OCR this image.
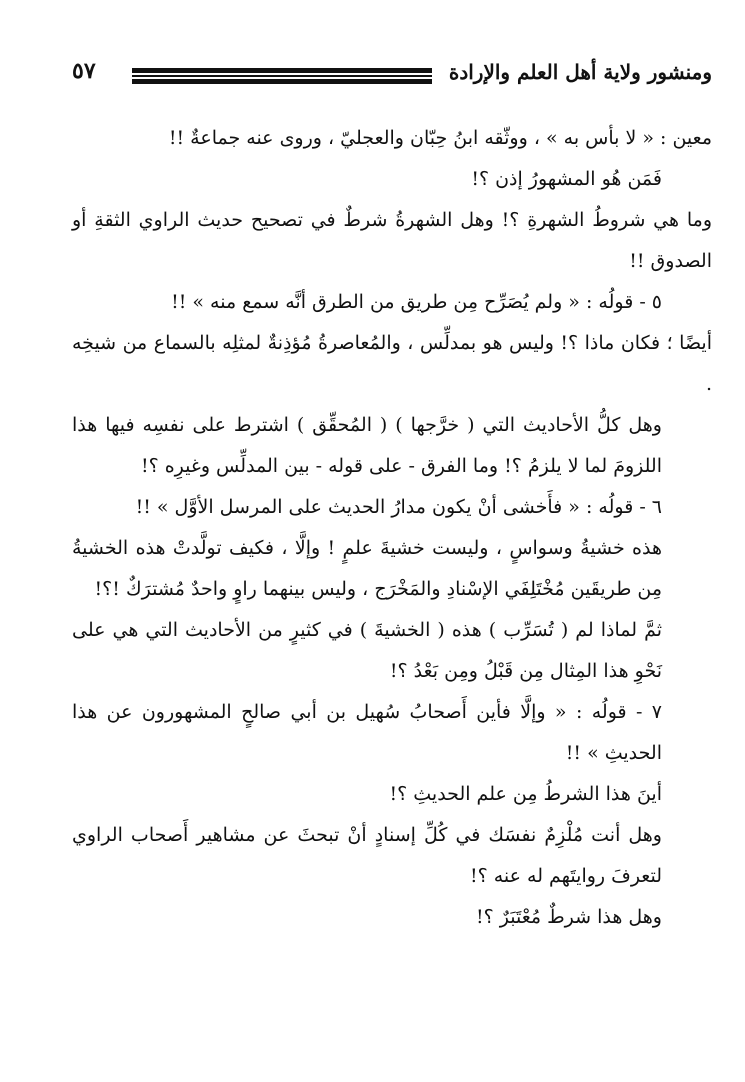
ومنشور ولاية أهل العلم والإرادة
٥٧

معين : « لا بأس به » ، ووثّقه ابنُ حِبّان والعجليّ ، وروى عنه جماعةٌ !!

فَمَن هُو المشهورُ إذن ؟!

وما هي شروطُ الشهرةِ ؟! وهل الشهرةُ شرطٌ في تصحيح حديث الراوي الثقةِ أو الصدوق !!

٥ - قولُه : « ولم يُصَرِّح مِن طريق من الطرق أنَّه سمع منه » !!

أيضًا ؛ فكان ماذا ؟! وليس هو بمدلِّس ، والمُعاصرةُ مُؤذِنةٌ لمثلِه بالسماع من شيخِه .

وهل كلُّ الأحاديث التي ( خرَّجها ) ( المُحقِّق ) اشترط على نفسِه فيها هذا اللزومَ لما لا يلزمُ ؟! وما الفرق - على قوله - بين المدلِّس وغيرِه ؟!

٦ - قولُه : « فأَخشى أنْ يكون مدارُ الحديث على المرسل الأوَّل » !!

هذه خشيةُ وسواسٍ ، وليست خشيةَ علمٍ ! وإلَّا ، فكيف تولَّدتْ هذه الخشيةُ مِن طريقَين مُخْتَلِفَي الإسْنادِ والمَخْرَج ، وليس بينهما راوٍ واحدٌ مُشترَكٌ !؟!

ثمَّ لماذا لم ( تُسَرِّب ) هذه ( الخشيةَ ) في كثيرٍ من الأحاديث التي هي على نَحْوِ هذا المِثال مِن قَبْلُ ومِن بَعْدُ ؟!

٧ - قولُه : « وإلَّا فأين أَصحابُ سُهيل بن أبي صالحٍ المشهورون عن هذا الحديثِ » !!

أينَ هذا الشرطُ مِن علم الحديثِ ؟!

وهل أنت مُلْزِمٌ نفسَك في كُلِّ إسنادٍ أنْ تبحثَ عن مشاهير أَصحاب الراوي لتعرفَ روايتَهم له عنه ؟!

وهل هذا شرطٌ مُعْتَبَرٌ ؟!
